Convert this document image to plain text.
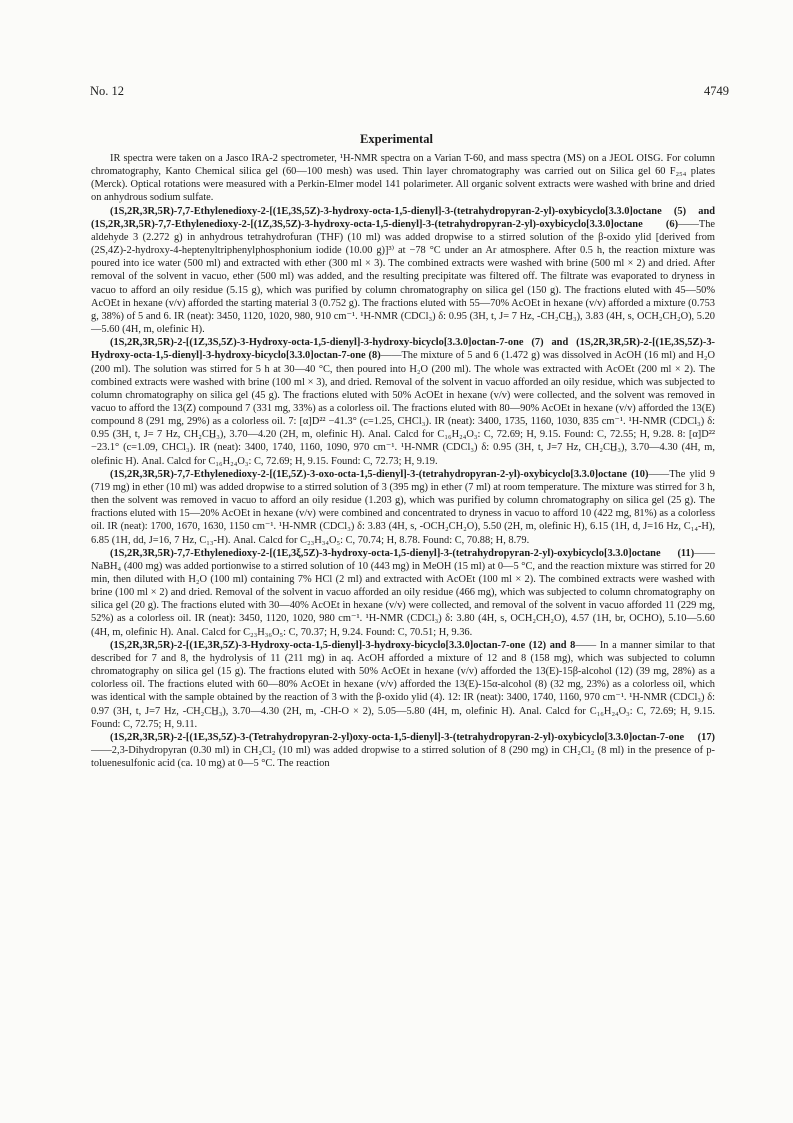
No. 12	4749
Experimental

IR spectra were taken on a Jasco IRA-2 spectrometer, ¹H-NMR spectra on a Varian T-60, and mass spectra (MS) on a JEOL OISG. For column chromatography, Kanto Chemical silica gel (60—100 mesh) was used. Thin layer chromatography was carried out on Silica gel 60 F₂₅₄ plates (Merck). Optical rotations were measured with a Perkin-Elmer model 141 polarimeter. All organic solvent extracts were washed with brine and dried on anhydrous sodium sulfate.

(1S,2R,3R,5R)-7,7-Ethylenedioxy-2-[(1E,3S,5Z)-3-hydroxy-octa-1,5-dienyl]-3-(tetrahydropyran-2-yl)-oxybicyclo[3.3.0]octane (5) and (1S,2R,3R,5R)-7,7-Ethylenedioxy-2-[(1Z,3S,5Z)-3-hydroxy-octa-1,5-dienyl]-3-(tetrahydropyran-2-yl)-oxybicyclo[3.3.0]octane (6)——The aldehyde 3 (2.272 g) in anhydrous tetrahydrofuran (THF) (10 ml) was added dropwise to a stirred solution of the β-oxido ylid [derived from (2S,4Z)-2-hydroxy-4-heptenyltriphenylphosphonium iodide (10.00 g)]³⁾ at −78 °C under an Ar atmosphere. After 0.5 h, the reaction mixture was poured into ice water (500 ml) and extracted with ether (300 ml × 3). The combined extracts were washed with brine (500 ml × 2) and dried. After removal of the solvent in vacuo, ether (500 ml) was added, and the resulting precipitate was filtered off. The filtrate was evaporated to dryness in vacuo to afford an oily residue (5.15 g), which was purified by column chromatography on silica gel (150 g). The fractions eluted with 45—50% AcOEt in hexane (v/v) afforded the starting material 3 (0.752 g). The fractions eluted with 55—70% AcOEt in hexane (v/v) afforded a mixture (0.753 g, 38%) of 5 and 6. IR (neat): 3450, 1120, 1020, 980, 910 cm⁻¹. ¹H-NMR (CDCl₃) δ: 0.95 (3H, t, J= 7 Hz, -CH₂CH̲₃), 3.83 (4H, s, OCH₂CH₂O), 5.20—5.60 (4H, m, olefinic H).

(1S,2R,3R,5R)-2-[(1Z,3S,5Z)-3-Hydroxy-octa-1,5-dienyl]-3-hydroxy-bicyclo[3.3.0]octan-7-one (7) and (1S,2R,3R,5R)-2-[(1E,3S,5Z)-3-Hydroxy-octa-1,5-dienyl]-3-hydroxy-bicyclo[3.3.0]octan-7-one (8)——The mixture of 5 and 6 (1.472 g) was dissolved in AcOH (16 ml) and H₂O (200 ml). The solution was stirred for 5 h at 30—40 °C, then poured into H₂O (200 ml). The whole was extracted with AcOEt (200 ml × 2). The combined extracts were washed with brine (100 ml × 3), and dried. Removal of the solvent in vacuo afforded an oily residue, which was subjected to column chromatography on silica gel (45 g). The fractions eluted with 50% AcOEt in hexane (v/v) were collected, and the solvent was removed in vacuo to afford the 13(Z) compound 7 (331 mg, 33%) as a colorless oil. The fractions eluted with 80—90% AcOEt in hexane (v/v) afforded the 13(E) compound 8 (291 mg, 29%) as a colorless oil. 7: [α]D²² −41.3° (c=1.25, CHCl₃). IR (neat): 3400, 1735, 1160, 1030, 835 cm⁻¹. ¹H-NMR (CDCl₃) δ: 0.95 (3H, t, J= 7 Hz, CH₂CH̲₃), 3.70—4.20 (2H, m, olefinic H). Anal. Calcd for C₁₆H₂₄O₃: C, 72.69; H, 9.15. Found: C, 72.55; H, 9.28. 8: [α]D²² −23.1° (c=1.09, CHCl₃). IR (neat): 3400, 1740, 1160, 1090, 970 cm⁻¹. ¹H-NMR (CDCl₃) δ: 0.95 (3H, t, J=7 Hz, CH₂CH̲₃), 3.70—4.30 (4H, m, olefinic H). Anal. Calcd for C₁₆H₂₄O₃: C, 72.69; H, 9.15. Found: C, 72.73; H, 9.19.

(1S,2R,3R,5R)-7,7-Ethylenedioxy-2-[(1E,5Z)-3-oxo-octa-1,5-dienyl]-3-(tetrahydropyran-2-yl)-oxybicyclo[3.3.0]octane (10)——The ylid 9 (719 mg) in ether (10 ml) was added dropwise to a stirred solution of 3 (395 mg) in ether (7 ml) at room temperature. The mixture was stirred for 3 h, then the solvent was removed in vacuo to afford an oily residue (1.203 g), which was purified by column chromatography on silica gel (25 g). The fractions eluted with 15—20% AcOEt in hexane (v/v) were combined and concentrated to dryness in vacuo to afford 10 (422 mg, 81%) as a colorless oil. IR (neat): 1700, 1670, 1630, 1150 cm⁻¹. ¹H-NMR (CDCl₃) δ: 3.83 (4H, s, -OCH₂CH₂O), 5.50 (2H, m, olefinic H), 6.15 (1H, d, J=16 Hz, C₁₄-H), 6.85 (1H, dd, J=16, 7 Hz, C₁₃-H). Anal. Calcd for C₂₃H₃₄O₅: C, 70.74; H, 8.78. Found: C, 70.88; H, 8.79.

(1S,2R,3R,5R)-7,7-Ethylenedioxy-2-[(1E,3ξ,5Z)-3-hydroxy-octa-1,5-dienyl]-3-(tetrahydropyran-2-yl)-oxybicyclo[3.3.0]octane (11)——NaBH₄ (400 mg) was added portionwise to a stirred solution of 10 (443 mg) in MeOH (15 ml) at 0—5 °C, and the reaction mixture was stirred for 20 min, then diluted with H₂O (100 ml) containing 7% HCl (2 ml) and extracted with AcOEt (100 ml × 2). The combined extracts were washed with brine (100 ml × 2) and dried. Removal of the solvent in vacuo afforded an oily residue (466 mg), which was subjected to column chromatography on silica gel (20 g). The fractions eluted with 30—40% AcOEt in hexane (v/v) were collected, and removal of the solvent in vacuo afforded 11 (229 mg, 52%) as a colorless oil. IR (neat): 3450, 1120, 1020, 980 cm⁻¹. ¹H-NMR (CDCl₃) δ: 3.80 (4H, s, OCH₂CH₂O), 4.57 (1H, br, OCHO), 5.10—5.60 (4H, m, olefinic H). Anal. Calcd for C₂₃H₃₆O₅: C, 70.37; H, 9.24. Found: C, 70.51; H, 9.36.

(1S,2R,3R,5R)-2-[(1E,3R,5Z)-3-Hydroxy-octa-1,5-dienyl]-3-hydroxy-bicyclo[3.3.0]octan-7-one (12) and 8—— In a manner similar to that described for 7 and 8, the hydrolysis of 11 (211 mg) in aq. AcOH afforded a mixture of 12 and 8 (158 mg), which was subjected to column chromatography on silica gel (15 g). The fractions eluted with 50% AcOEt in hexane (v/v) afforded the 13(E)-15β-alcohol (12) (39 mg, 28%) as a colorless oil. The fractions eluted with 60—80% AcOEt in hexane (v/v) afforded the 13(E)-15α-alcohol (8) (32 mg, 23%) as a colorless oil, which was identical with the sample obtained by the reaction of 3 with the β-oxido ylid (4). 12: IR (neat): 3400, 1740, 1160, 970 cm⁻¹. ¹H-NMR (CDCl₃) δ: 0.97 (3H, t, J=7 Hz, -CH₂CH̲₃), 3.70—4.30 (2H, m, -CH-O × 2), 5.05—5.80 (4H, m, olefinic H). Anal. Calcd for C₁₆H₂₄O₃: C, 72.69; H, 9.15. Found: C, 72.75; H, 9.11.

(1S,2R,3R,5R)-2-[(1E,3S,5Z)-3-(Tetrahydropyran-2-yl)oxy-octa-1,5-dienyl]-3-(tetrahydropyran-2-yl)-oxybicyclo[3.3.0]octan-7-one (17)——2,3-Dihydropyran (0.30 ml) in CH₂Cl₂ (10 ml) was added dropwise to a stirred solution of 8 (290 mg) in CH₂Cl₂ (8 ml) in the presence of p-toluenesulfonic acid (ca. 10 mg) at 0—5 °C. The reaction
